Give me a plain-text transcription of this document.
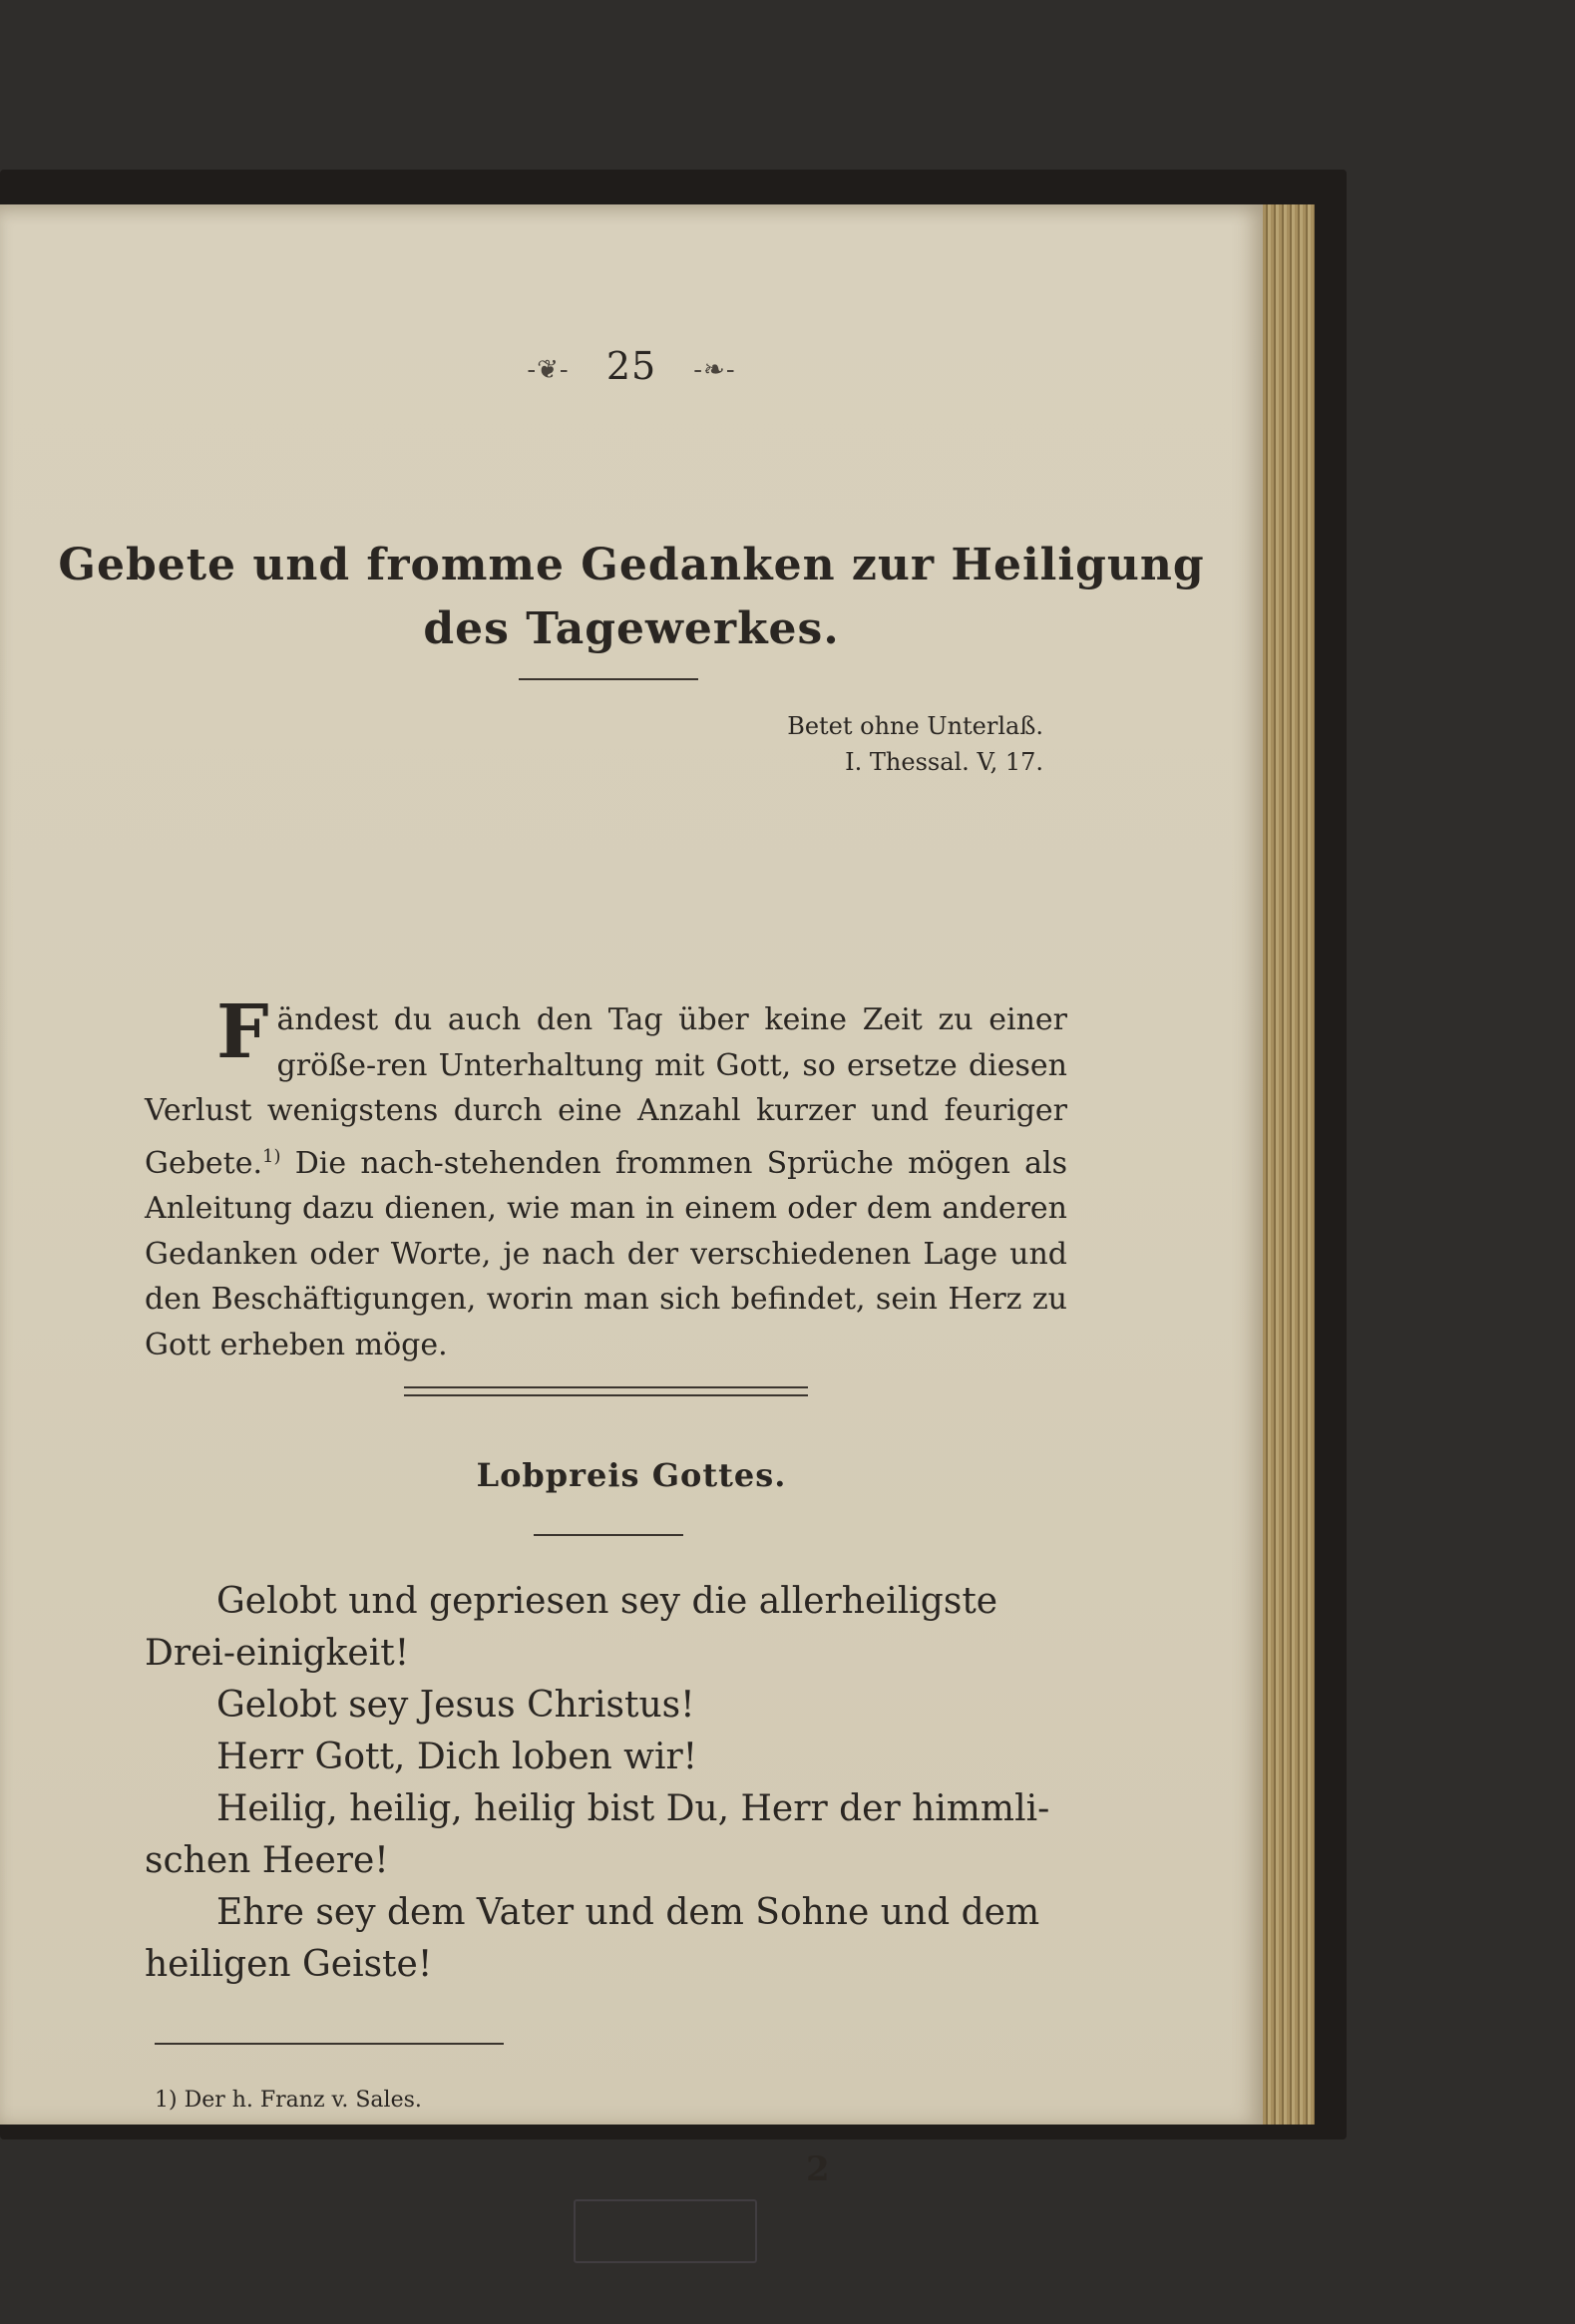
-❦- 25 -❧-
Gebete und fromme Gedanken zur Heiligung
des Tagewerkes.
Betet ohne Unterlaß.
I. Thessal. V, 17.
Fändest du auch den Tag über keine Zeit zu einer größe-ren Unterhaltung mit Gott, so ersetze diesen Verlust wenigstens durch eine Anzahl kurzer und feuriger Gebete.$^{1)}$ Die nach-stehenden frommen Sprüche mögen als Anleitung dazu dienen, wie man in einem oder dem anderen Gedanken oder Worte, je nach der verschiedenen Lage und den Beschäftigungen, worin man sich befindet, sein Herz zu Gott erheben möge.
Lobpreis Gottes.

Gelobt und gepriesen sey die allerheiligste Drei-einigkeit!

Gelobt sey Jesus Christus!

Herr Gott, Dich loben wir!

Heilig, heilig, heilig bist Du, Herr der himmli-schen Heere!

Ehre sey dem Vater und dem Sohne und dem heiligen Geiste!

1) Der h. Franz v. Sales.
2
